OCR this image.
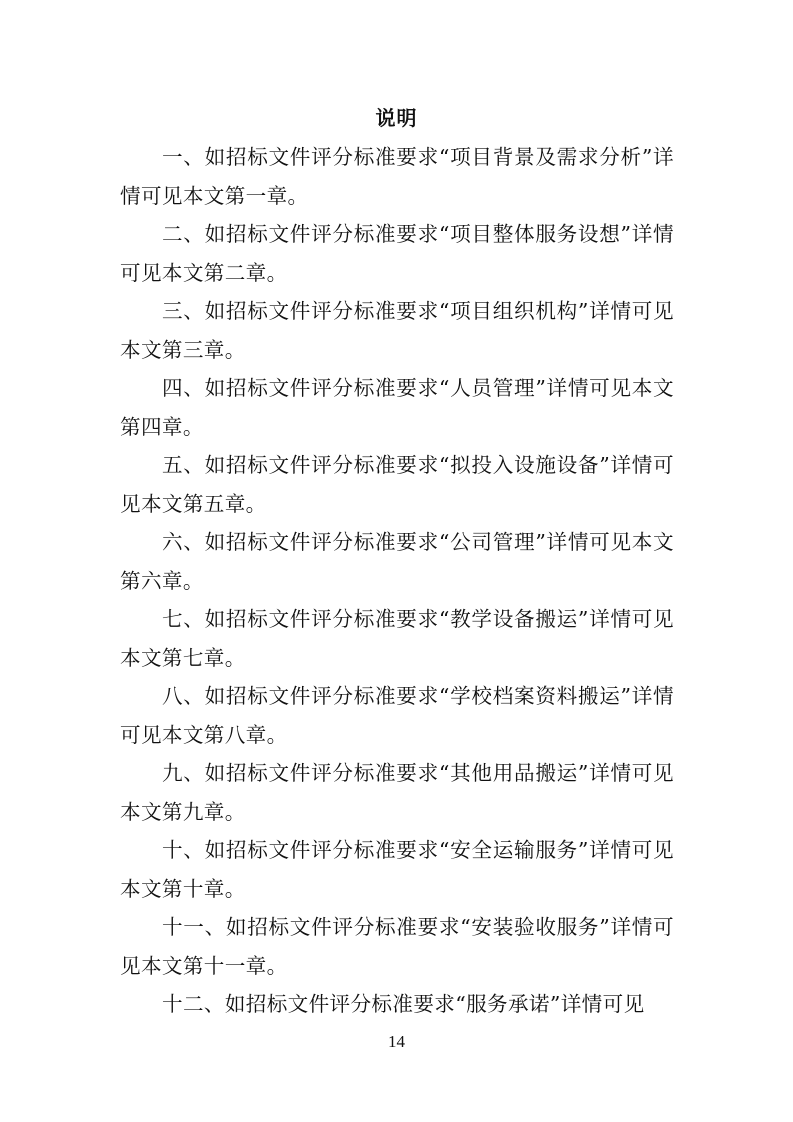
说明

一、如招标文件评分标准要求“项目背景及需求分析”详情可见本文第一章。

二、如招标文件评分标准要求“项目整体服务设想”详情可见本文第二章。

三、如招标文件评分标准要求“项目组织机构”详情可见本文第三章。

四、如招标文件评分标准要求“人员管理”详情可见本文第四章。

五、如招标文件评分标准要求“拟投入设施设备”详情可见本文第五章。

六、如招标文件评分标准要求“公司管理”详情可见本文第六章。

七、如招标文件评分标准要求“教学设备搬运”详情可见本文第七章。

八、如招标文件评分标准要求“学校档案资料搬运”详情可见本文第八章。

九、如招标文件评分标准要求“其他用品搬运”详情可见本文第九章。

十、如招标文件评分标准要求“安全运输服务”详情可见本文第十章。

十一、如招标文件评分标准要求“安装验收服务”详情可见本文第十一章。

十二、如招标文件评分标准要求“服务承诺”详情可见

14
